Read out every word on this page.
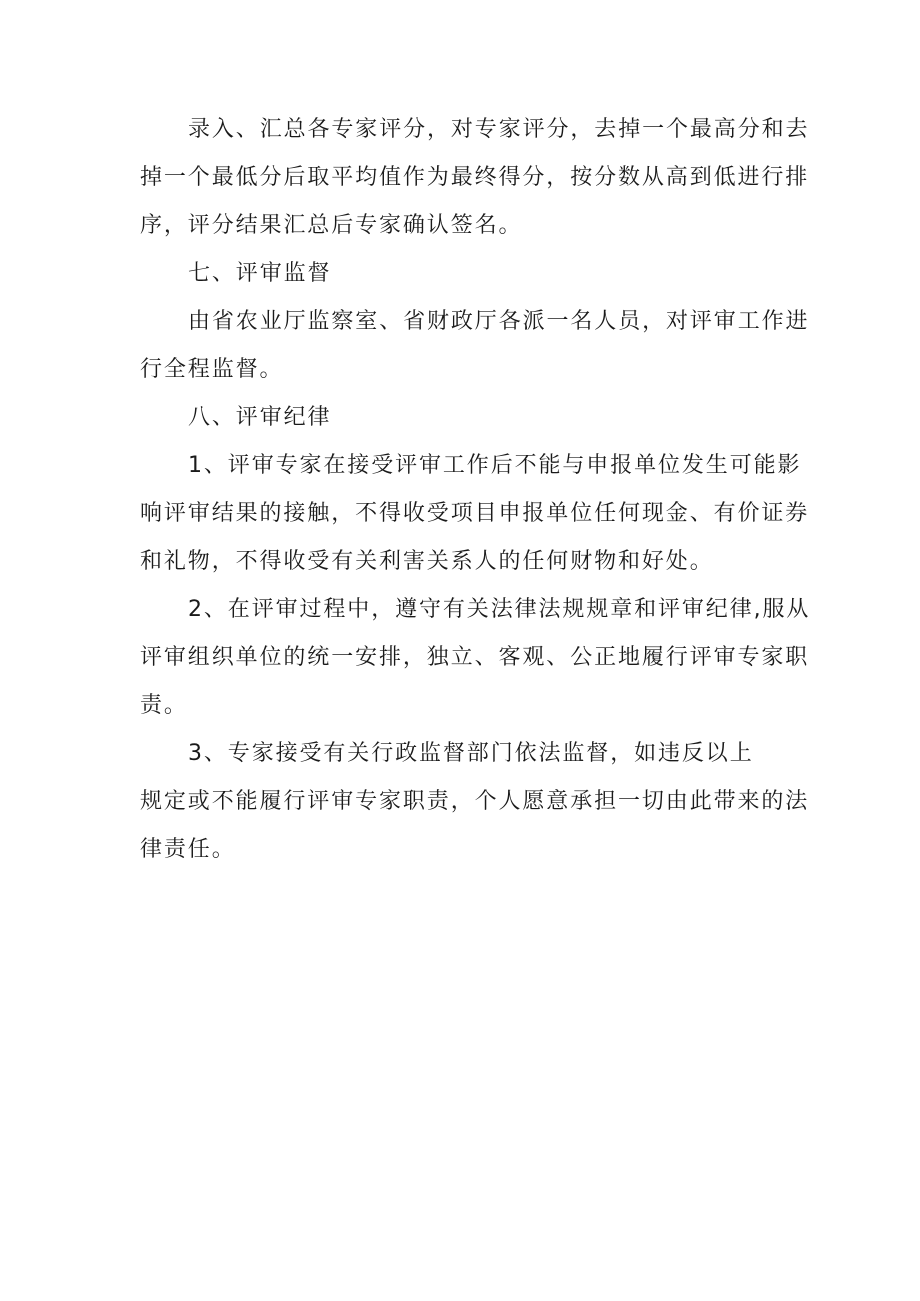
录入、汇总各专家评分，对专家评分，去掉一个最高分和去
掉一个最低分后取平均值作为最终得分，按分数从高到低进行排
序，评分结果汇总后专家确认签名。
七、评审监督
由省农业厅监察室、省财政厅各派一名人员，对评审工作进
行全程监督。
八、评审纪律
1、评审专家在接受评审工作后不能与申报单位发生可能影
响评审结果的接触，不得收受项目申报单位任何现金、有价证券
和礼物，不得收受有关利害关系人的任何财物和好处。
2、在评审过程中，遵守有关法律法规规章和评审纪律,服从
评审组织单位的统一安排，独立、客观、公正地履行评审专家职
责。
3、专家接受有关行政监督部门依法监督，如违反以上
规定或不能履行评审专家职责，个人愿意承担一切由此带来的法
律责任。
